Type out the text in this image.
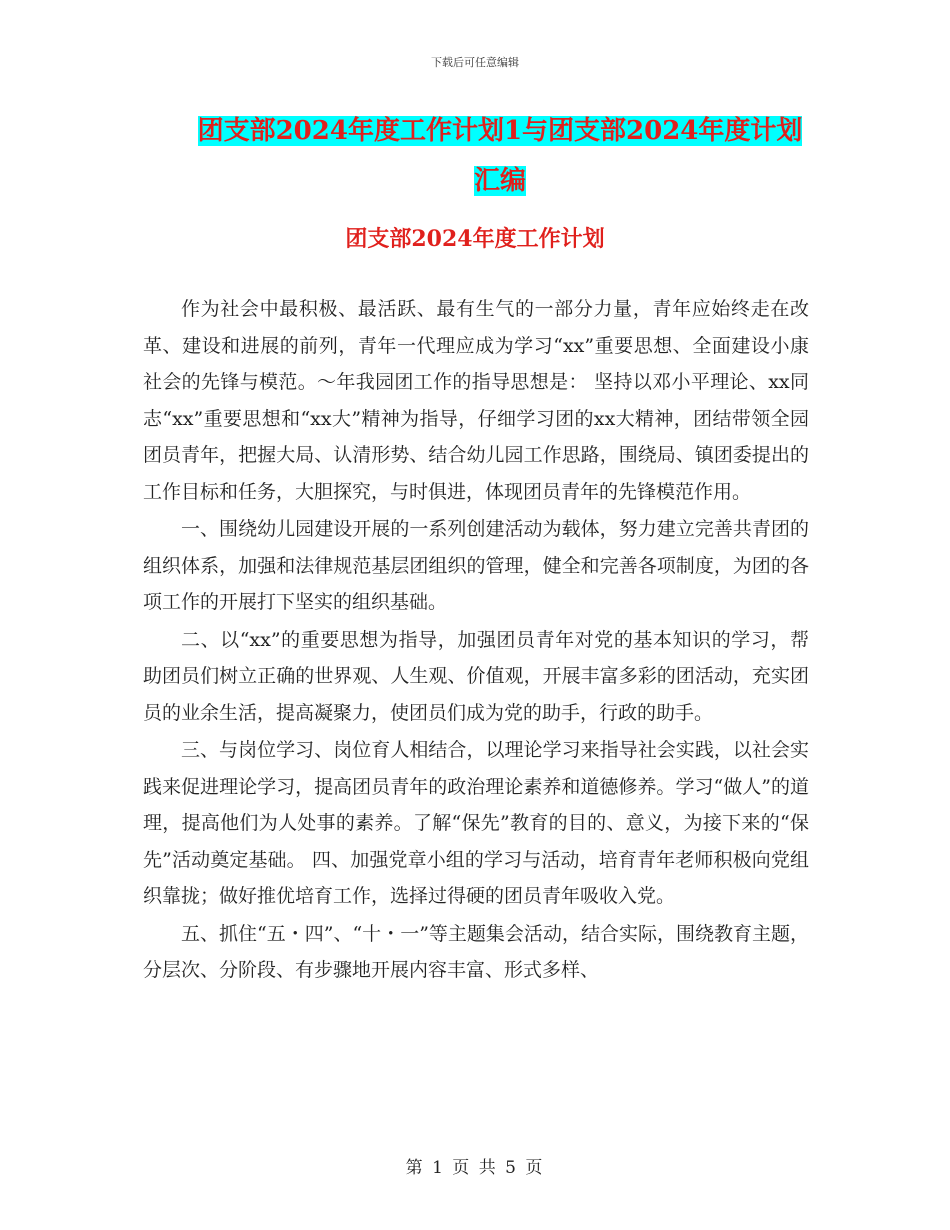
下载后可任意编辑
团支部2024年度工作计划1与团支部2024年度计划
汇编
团支部2024年度工作计划

作为社会中最积极、最活跃、最有生气的一部分力量，青年应始终走在改革、建设和进展的前列，青年一代理应成为学习“xx”重要思想、全面建设小康社会的先锋与模范。～年我园团工作的指导思想是： 坚持以邓小平理论、xx同志“xx”重要思想和“xx大”精神为指导，仔细学习团的xx大精神，团结带领全园团员青年，把握大局、认清形势、结合幼儿园工作思路，围绕局、镇团委提出的工作目标和任务，大胆探究，与时俱进，体现团员青年的先锋模范作用。

一、围绕幼儿园建设开展的一系列创建活动为载体，努力建立完善共青团的组织体系，加强和法律规范基层团组织的管理，健全和完善各项制度，为团的各项工作的开展打下坚实的组织基础。

二、以“xx”的重要思想为指导，加强团员青年对党的基本知识的学习，帮助团员们树立正确的世界观、人生观、价值观，开展丰富多彩的团活动，充实团员的业余生活，提高凝聚力，使团员们成为党的助手，行政的助手。

三、与岗位学习、岗位育人相结合，以理论学习来指导社会实践，以社会实践来促进理论学习，提高团员青年的政治理论素养和道德修养。学习“做人”的道理，提高他们为人处事的素养。了解“保先”教育的目的、意义，为接下来的“保先”活动奠定基础。 四、加强党章小组的学习与活动，培育青年老师积极向党组织靠拢；做好推优培育工作，选择过得硬的团员青年吸收入党。

五、抓住“五・四”、“十・一”等主题集会活动，结合实际，围绕教育主题，分层次、分阶段、有步骤地开展内容丰富、形式多样、

第 1 页 共 5 页
